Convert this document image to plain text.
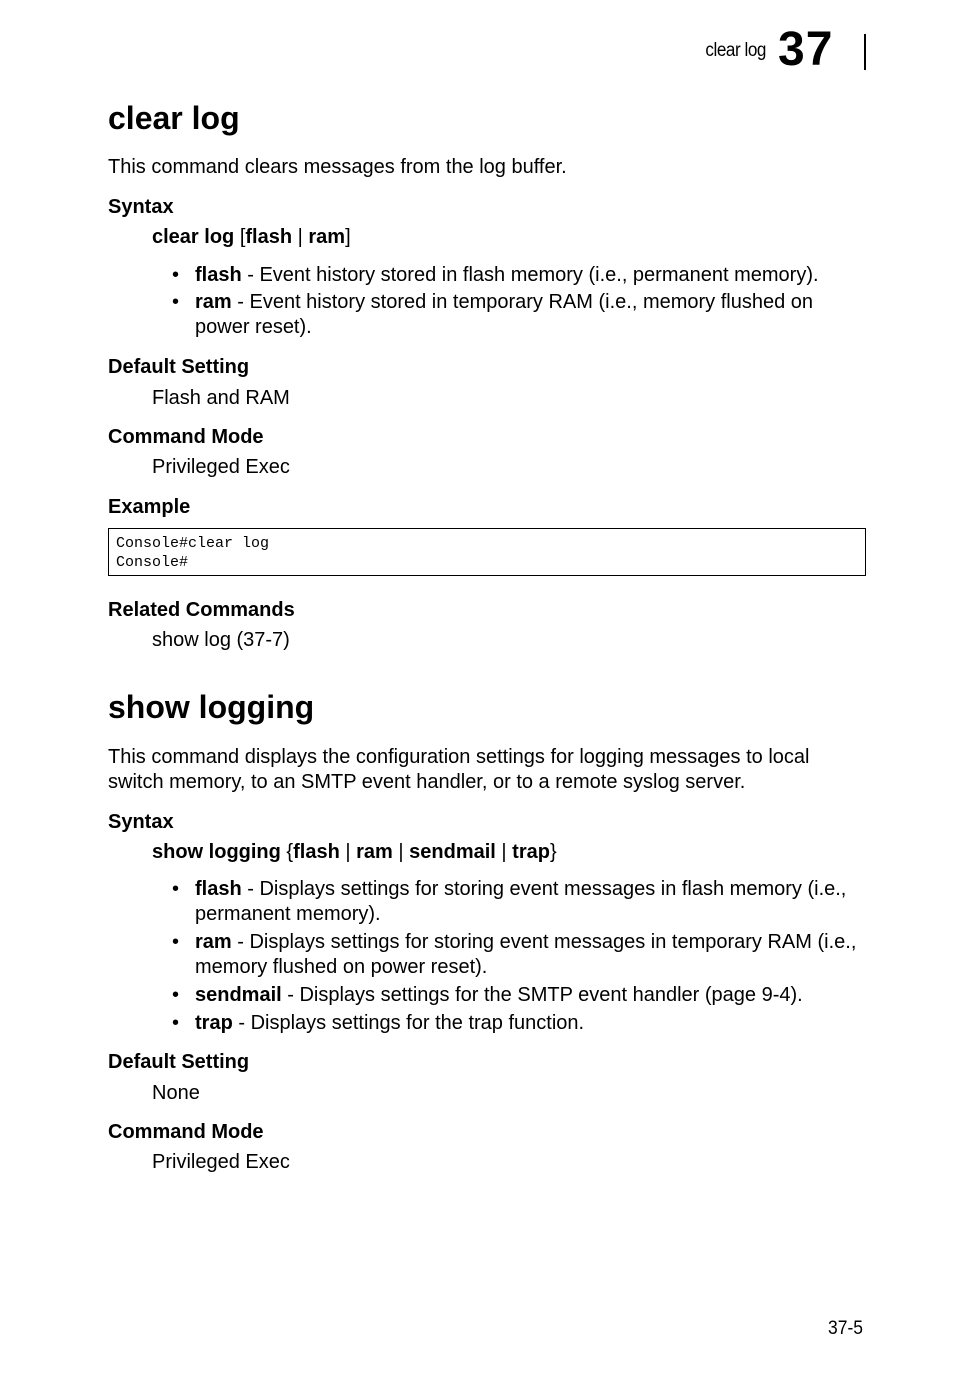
clear log 37
clear log

This command clears messages from the log buffer.

Syntax

clear log [flash | ram]

• flash - Event history stored in flash memory (i.e., permanent memory).
• ram - Event history stored in temporary RAM (i.e., memory flushed on power reset).
Default Setting

Flash and RAM

Command Mode

Privileged Exec

Example
Console#clear log
Console#
Related Commands

show log (37-7)

show logging

This command displays the configuration settings for logging messages to local switch memory, to an SMTP event handler, or to a remote syslog server.

Syntax

show logging {flash | ram | sendmail | trap}

• flash - Displays settings for storing event messages in flash memory (i.e., permanent memory).
• ram - Displays settings for storing event messages in temporary RAM (i.e., memory flushed on power reset).
• sendmail - Displays settings for the SMTP event handler (page 9-4).
• trap - Displays settings for the trap function.
Default Setting

None

Command Mode

Privileged Exec

37-5
